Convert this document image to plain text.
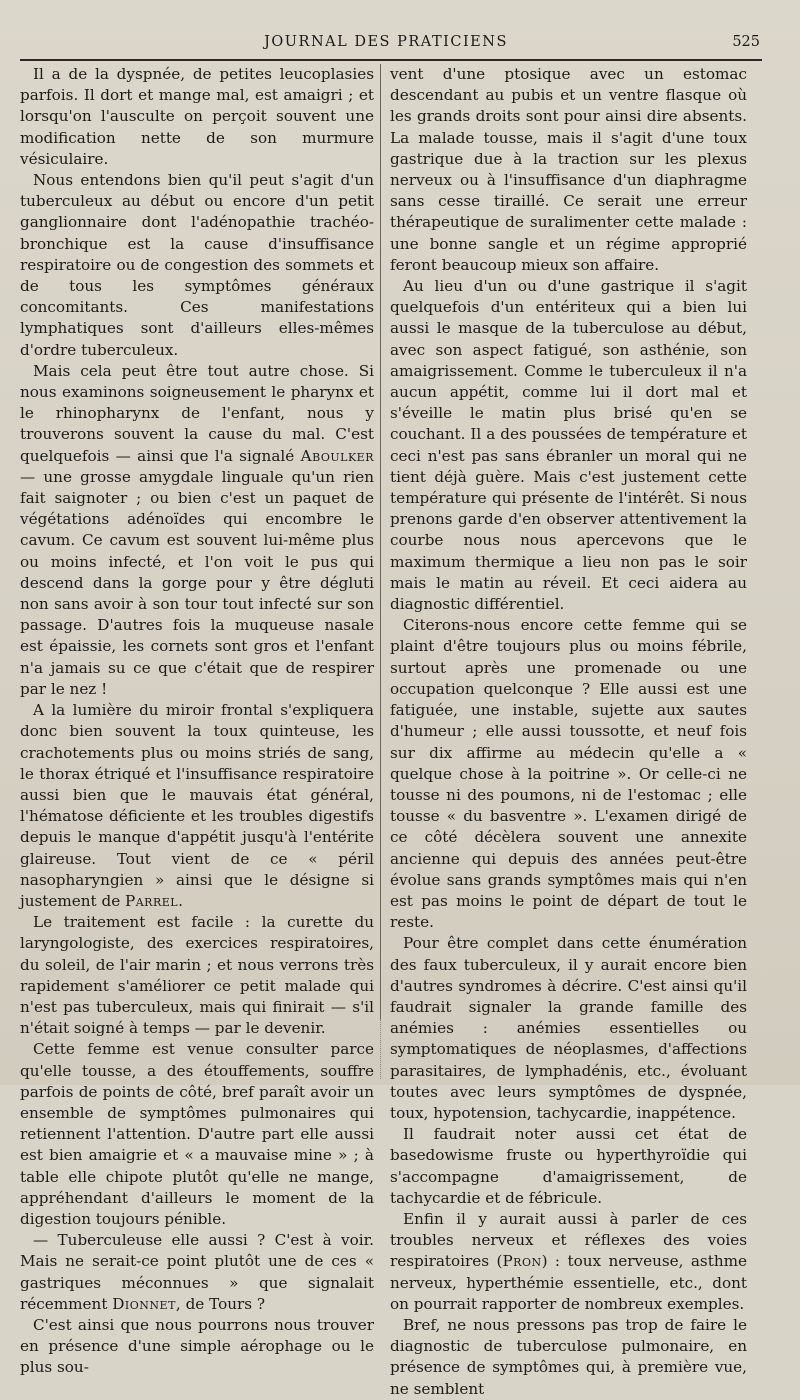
JOURNAL DES PRATICIENS	525

Il a de la dyspnée, de petites leucoplasies parfois. Il dort et mange mal, est amaigri ; et lorsqu'on l'ausculte on perçoit souvent une modification nette de son murmure vésiculaire.

Nous entendons bien qu'il peut s'agit d'un tuberculeux au début ou encore d'un petit ganglionnaire dont l'adénopathie trachéo-bronchique est la cause d'insuffisance respiratoire ou de congestion des sommets et de tous les symptômes généraux concomitants. Ces manifestations lymphatiques sont d'ailleurs elles-mêmes d'ordre tuberculeux.

Mais cela peut être tout autre chose. Si nous examinons soigneusement le pharynx et le rhinopharynx de l'enfant, nous y trouverons souvent la cause du mal. C'est quelquefois — ainsi que l'a signalé Aboulker — une grosse amygdale linguale qu'un rien fait saignoter ; ou bien c'est un paquet de végétations adénoïdes qui encombre le cavum. Ce cavum est souvent lui-même plus ou moins infecté, et l'on voit le pus qui descend dans la gorge pour y être dégluti non sans avoir à son tour tout infecté sur son passage. D'autres fois la muqueuse nasale est épaissie, les cornets sont gros et l'enfant n'a jamais su ce que c'était que de respirer par le nez !

A la lumière du miroir frontal s'expliquera donc bien souvent la toux quinteuse, les crachotements plus ou moins striés de sang, le thorax étriqué et l'insuffisance respiratoire aussi bien que le mauvais état général, l'hématose déficiente et les troubles digestifs depuis le manque d'appétit jusqu'à l'entérite glaireuse. Tout vient de ce « péril nasopharyngien » ainsi que le désigne si justement de Parrel.

Le traitement est facile : la curette du laryngologiste, des exercices respiratoires, du soleil, de l'air marin ; et nous verrons très rapidement s'améliorer ce petit malade qui n'est pas tuberculeux, mais qui finirait — s'il n'était soigné à temps — par le devenir.

Cette femme est venue consulter parce qu'elle tousse, a des étouffements, souffre parfois de points de côté, bref paraît avoir un ensemble de symptômes pulmonaires qui retiennent l'attention. D'autre part elle aussi est bien amaigrie et « a mauvaise mine » ; à table elle chipote plutôt qu'elle ne mange, appréhendant d'ailleurs le moment de la digestion toujours pénible.

— Tuberculeuse elle aussi ? C'est à voir. Mais ne serait-ce point plutôt une de ces « gastriques méconnues » que signalait récemment Dionnet, de Tours ?

C'est ainsi que nous pourrons nous trouver en présence d'une simple aérophage ou le plus sou-

vent d'une ptosique avec un estomac descendant au pubis et un ventre flasque où les grands droits sont pour ainsi dire absents. La malade tousse, mais il s'agit d'une toux gastrique due à la traction sur les plexus nerveux ou à l'insuffisance d'un diaphragme sans cesse tiraillé. Ce serait une erreur thérapeutique de suralimenter cette malade : une bonne sangle et un régime approprié feront beaucoup mieux son affaire.

Au lieu d'un ou d'une gastrique il s'agit quelquefois d'un entériteux qui a bien lui aussi le masque de la tuberculose au début, avec son aspect fatigué, son asthénie, son amaigrissement. Comme le tuberculeux il n'a aucun appétit, comme lui il dort mal et s'éveille le matin plus brisé qu'en se couchant. Il a des poussées de température et ceci n'est pas sans ébranler un moral qui ne tient déjà guère. Mais c'est justement cette température qui présente de l'intérêt. Si nous prenons garde d'en observer attentivement la courbe nous nous apercevons que le maximum thermique a lieu non pas le soir mais le matin au réveil. Et ceci aidera au diagnostic différentiel.

Citerons-nous encore cette femme qui se plaint d'être toujours plus ou moins fébrile, surtout après une promenade ou une occupation quelconque ? Elle aussi est une fatiguée, une instable, sujette aux sautes d'humeur ; elle aussi toussotte, et neuf fois sur dix affirme au médecin qu'elle a « quelque chose à la poitrine ». Or celle-ci ne tousse ni des poumons, ni de l'estomac ; elle tousse « du basventre ». L'examen dirigé de ce côté décèlera souvent une annexite ancienne qui depuis des années peut-être évolue sans grands symptômes mais qui n'en est pas moins le point de départ de tout le reste.

Pour être complet dans cette énumération des faux tuberculeux, il y aurait encore bien d'autres syndromes à décrire. C'est ainsi qu'il faudrait signaler la grande famille des anémies : anémies essentielles ou symptomatiques de néoplasmes, d'affections parasitaires, de lymphadénis, etc., évoluant toutes avec leurs symptômes de dyspnée, toux, hypotension, tachycardie, inappétence.

Il faudrait noter aussi cet état de basedowisme fruste ou hyperthyroïdie qui s'accompagne d'amaigrissement, de tachycardie et de fébricule.

Enfin il y aurait aussi à parler de ces troubles nerveux et réflexes des voies respiratoires (Pron) : toux nerveuse, asthme nerveux, hyperthémie essentielle, etc., dont on pourrait rapporter de nombreux exemples.

Bref, ne nous pressons pas trop de faire le diagnostic de tuberculose pulmonaire, en présence de symptômes qui, à première vue, ne semblent
